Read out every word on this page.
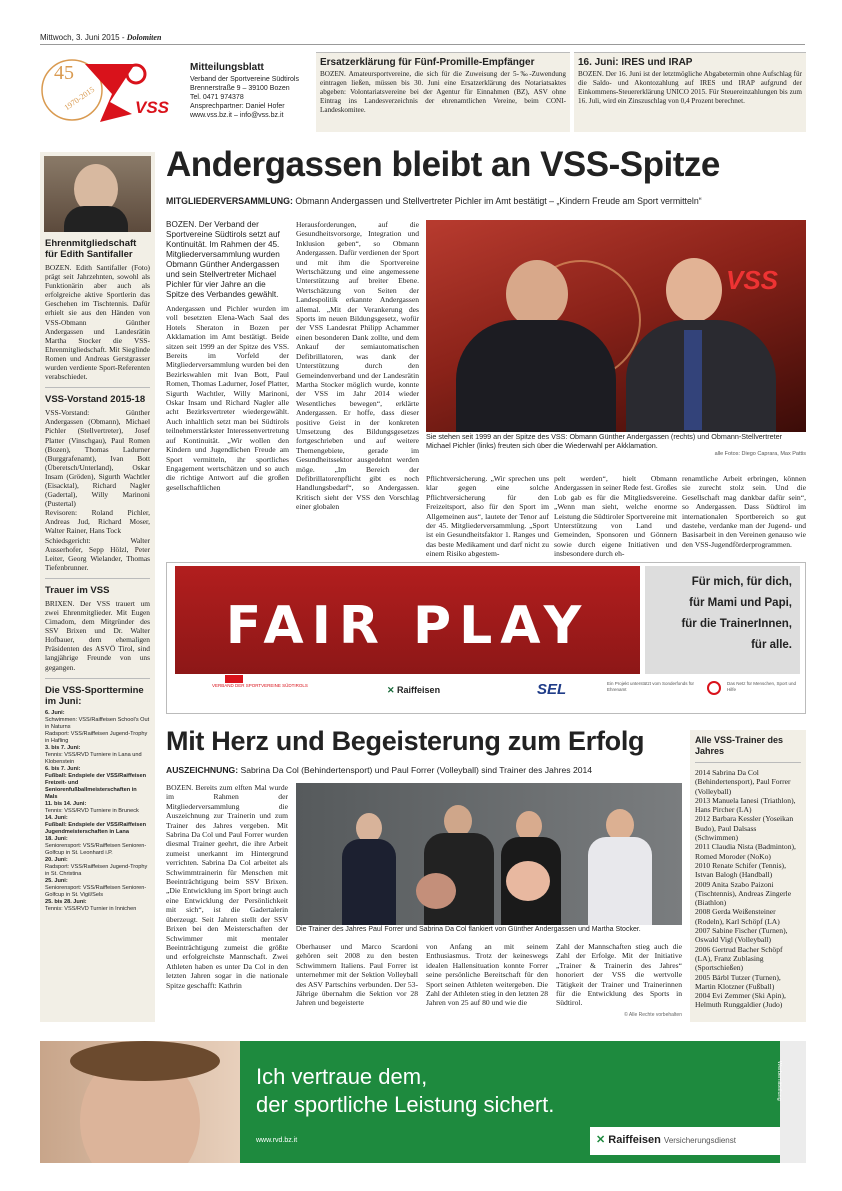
Mittwoch, 3. Juni 2015 - Dolomiten
45
1970-2015 VSS
Mitteilungsblatt
Verband der Sportvereine Südtirols
Brennerstraße 9 – 39100 Bozen
Tel. 0471 974378
Ansprechpartner: Daniel Hofer
www.vss.bz.it – info@vss.bz.it
Ersatzerklärung für Fünf-Promille-Empfänger
BOZEN. Amateursportvereine, die sich für die Zuweisung der 5-‰-Zuwendung eintragen ließen, müssen bis 30. Juni eine Ersatzerklärung des Notariatsaktes abgeben: Volontariatsvereine bei der Agentur für Einnahmen (BZ), ASV ohne Eintrag ins Landesverzeichnis der ehrenamtlichen Vereine, beim CONI-Landeskomitee.
16. Juni: IRES und IRAP
BOZEN. Der 16. Juni ist der letztmögliche Abgabetermin ohne Aufschlag für die Saldo- und Akontozahlung auf IRES und IRAP aufgrund der Einkommens-Steuererklärung UNICO 2015. Für Steuereinzahlungen bis zum 16. Juli, wird ein Zinszuschlag von 0,4 Prozent berechnet.
Ehrenmitgliedschaft für Edith Santifaller
BOZEN. Edith Santifaller (Foto) prägt seit Jahrzehnten, sowohl als Funktionärin aber auch als erfolgreiche aktive Sportlerin das Geschehen im Tischtennis. Dafür erhielt sie aus den Händen von VSS-Obmann Günther Andergassen und Landesrätin Martha Stocker die VSS-Ehrenmitgliedschaft. Mit Sieglinde Romen und Andreas Gerstgrasser wurden verdiente Sport-Referenten verabschiedet.
VSS-Vorstand 2015-18
VSS-Vorstand: Günther Andergassen (Obmann), Michael Pichler (Stellvertreter), Josef Platter (Vinschgau), Paul Romen (Bozen), Thomas Ladurner (Burggrafenamt), Ivan Bott (Überetsch/Unterland), Oskar Insam (Gröden), Sigurth Wachtler (Eisacktal), Richard Nagler (Gadertal), Willy Marinoni (Pustertal)
Revisoren: Roland Pichler, Andreas Jud, Richard Moser, Walter Rainer, Hans Tock
Schiedsgericht: Walter Ausserhofer, Sepp Hölzl, Peter Leiter, Georg Wielander, Thomas Tiefenbrunner.
Trauer im VSS
BRIXEN. Der VSS trauert um zwei Ehrenmitglieder. Mit Eugen Cimadom, dem Mitgründer des SSV Brixen und Dr. Walter Hofbauer, dem ehemaligen Präsidenten des ASVÖ Tirol, sind langjährige Freunde von uns gegangen.
Die VSS-Sporttermine im Juni:
6. Juni:
Schwimmen: VSS/Raiffeisen School's Out in Naturns
Radsport: VSS/Raiffeisen Jugend-Trophy in Hafling
3. bis 7. Juni:
Tennis: VSS/RVD Turniere in Lana und Klobenstein
6. bis 7. Juni:
Fußball: Endspiele der VSS/Raiffeisen Freizeit- und Seniorenfußballmeisterschaften in Mals
11. bis 14. Juni:
Tennis: VSS/RVD Turniere in Bruneck
14. Juni:
Fußball: Endspiele der VSS/Raiffeisen Jugendmeisterschaften in Lana
18. Juni:
Seniorensport: VSS/Raiffeisen Senioren-Golfcup in St. Leonhard i.P.
20. Juni:
Radsport: VSS/Raiffeisen Jugend-Trophy in St. Christina
25. Juni:
Seniorensport: VSS/Raiffeisen Senioren-Golfcup in St. Vigil/Sels
25. bis 28. Juni:
Tennis: VSS/RVD Turnier in Innichen
Andergassen bleibt an VSS-Spitze
MITGLIEDERVERSAMMLUNG: Obmann Andergassen und Stellvertreter Pichler im Amt bestätigt – „Kindern Freude am Sport vermitteln“
BOZEN. Der Verband der Sportvereine Südtirols setzt auf Kontinuität. Im Rahmen der 45. Mitgliederversammlung wurden Obmann Günther Andergassen und sein Stellvertreter Michael Pichler für vier Jahre an die Spitze des Verbandes gewählt.
Andergassen und Pichler wurden im voll besetzten Elena-Wach Saal des Hotels Sheraton in Bozen per Akklamation im Amt bestätigt. Beide sitzen seit 1999 an der Spitze des VSS. Bereits im Vorfeld der Mitgliederversammlung wurden bei den Bezirkswahlen mit Ivan Bott, Paul Romen, Thomas Ladurner, Josef Platter, Sigurth Wachtler, Willy Marinoni, Oskar Insam und Richard Nagler alle acht Bezirksvertreter wiedergewählt. Auch inhaltlich setzt man bei Südtirols teilnehmerstärkster Interessenvertretung auf Kontinuität. „Wir wollen den Kindern und Jugendlichen Freude am Sport vermitteln, ihr sportliches Engagement wertschätzen und so auch die richtige Antwort auf die großen gesellschaftlichen
Herausforderungen, auf die Gesundheitsvorsorge, Integration und Inklusion geben“, so Obmann Andergassen. Dafür verdienen der Sport und mit ihm die Sportvereine Wertschätzung und eine angemessene Unterstützung auf breiter Ebene. Wertschätzung von Seiten der Landespolitik erkannte Andergassen allemal. „Mit der Verankerung des Sports im neuen Bildungsgesetz, wofür der VSS Landesrat Philipp Achammer einen besonderen Dank zollte, und dem Ankauf der semiautomatischen Defibrillatoren, was dank der Unterstützung durch den Gemeindenverband und der Landesrätin Martha Stocker möglich wurde, konnte der VSS im Jahr 2014 wieder Wesentliches bewegen“, erklärte Andergassen. Er hoffe, dass dieser positive Geist in der konkreten Umsetzung des Bildungsgesetzes fortgeschrieben und auf weitere Themengebiete, gerade im Gesundheitssektor ausgedehnt werden möge. „Im Bereich der Defibrillatorenpflicht gibt es noch Handlungsbedarf“, so Andergassen. Kritisch sieht der VSS den Vorschlag einer globalen
VSS
Sie stehen seit 1999 an der Spitze des VSS: Obmann Günther Andergassen (rechts) und Obmann-Stellvertreter Michael Pichler (links) freuten sich über die Wiederwahl per Akklamation.
alle Fotos: Diego Caprara, Max Pattis
Pflichtversicherung. „Wir sprechen uns klar gegen eine solche Pflichtversicherung für den Freizeitsport, also für den Sport im Allgemeinen aus“, lautete der Tenor auf der 45. Mitgliederversammlung. „Sport ist ein Gesundheitsfaktor 1. Ranges und das beste Medikament und darf nicht zu einem Risiko abgestem-
pelt werden“, hielt Obmann Andergassen in seiner Rede fest. Großes Lob gab es für die Mitgliedsvereine. „Wenn man sieht, welche enorme Leistung die Südtiroler Sportvereine mit Unterstützung von Land und Gemeinden, Sponsoren und Gönnern sowie durch eigene Initiativen und insbesondere durch eh-
renamtliche Arbeit erbringen, können sie zurecht stolz sein. Und die Gesellschaft mag dankbar dafür sein“, so Andergassen. Dass Südtirol im internationalen Sportbereich so gut dastehe, verdanke man der Jugend- und Basisarbeit in den Vereinen genauso wie den VSS-Jugendförderprogrammen.
FAIR PLAY
Für mich, für dich,
für Mami und Papi,
für die TrainerInnen,
für alle.
VERBAND DER SPORTVEREINE SÜDTIROLS	✕ Raiffeisen	SEL	Ein Projekt unterstützt vom Sonderfonds für Ehrenamt
Das Netz für Menschen, Sport und Hilfe
Mit Herz und Begeisterung zum Erfolg
AUSZEICHNUNG: Sabrina Da Col (Behindertensport) und Paul Forrer (Volleyball) sind Trainer des Jahres 2014
BOZEN. Bereits zum elften Mal wurde im Rahmen der Mitgliederversammlung die Auszeichnung zur Trainerin und zum Trainer des Jahres vergeben. Mit Sabrina Da Col und Paul Forrer wurden diesmal Trainer geehrt, die ihre Arbeit zumeist unerkannt im Hintergrund verrichten. Sabrina Da Col arbeitet als Schwimmtrainerin für Menschen mit Beeinträchtigung beim SSV Brixen. „Die Entwicklung im Sport bringt auch eine Entwicklung der Persönlichkeit mit sich“, ist die Gadertalerin überzeugt. Seit Jahren stellt der SSV Brixen bei den Meisterschaften der Schwimmer mit mentaler Beeinträchtigung zumeist die größte und erfolgreichste Mannschaft. Zwei Athleten haben es unter Da Col in den letzten Jahren sogar in die nationale Spitze geschafft: Kathrin
Die Trainer des Jahres Paul Forrer und Sabrina Da Col flankiert von Günther Andergassen und Martha Stocker.
Oberhauser und Marco Scardoni gehören seit 2008 zu den besten Schwimmern Italiens. Paul Forrer ist unternehmer mit der Sektion Volleyball des ASV Partschins verbunden. Der 53-Jährige übernahm die Sektion vor 28 Jahren und begeisterte
von Anfang an mit seinem Enthusiasmus. Trotz der keineswegs idealen Hallensituation konnte Forrer seine persönliche Bereitschaft für den Sport seinen Athleten weitergeben. Die Zahl der Athleten stieg in den letzten 28 Jahren von 25 auf 80 und wie die
Zahl der Mannschaften stieg auch die Zahl der Erfolge. Mit der Initiative „Trainer & Trainerin des Jahres“ honoriert der VSS die wertvolle Tätigkeit der Trainer und Trainerinnen für die Entwicklung des Sports in Südtirol.
© Alle Rechte vorbehalten
Alle VSS-Trainer des Jahres
2014 Sabrina Da Col (Behindertensport), Paul Forrer (Volleyball)
2013 Manuela Ianesi (Triathlon), Hans Pircher (LA)
2012 Barbara Kessler (Yoseikan Budo), Paul Dalsass (Schwimmen)
2011 Claudia Nista (Badminton), Romed Moroder (NoKo)
2010 Renate Schifer (Tennis), Istvan Balogh (Handball)
2009 Anita Szabo Paizoni (Tischtennis), Andreas Zingerle (Biathlon)
2008 Gerda Weißensteiner (Rodeln), Karl Schöpf (LA)
2007 Sabine Fischer (Turnen), Oswald Vigl (Volleyball)
2006 Gertrud Bacher Schöpf (LA), Franz Zublasing (Sportschießen)
2005 Bärbl Tutzer (Turnen), Martin Klotzner (Fußball)
2004 Evi Zemmer (Ski Apin), Helmuth Runggaldier (Judo)
Ich vertraue dem,
der sportliche Leistung sichert.
www.rvd.bz.it	✕ Raiffeisen Versicherungsdienst
Werbemitteilung
